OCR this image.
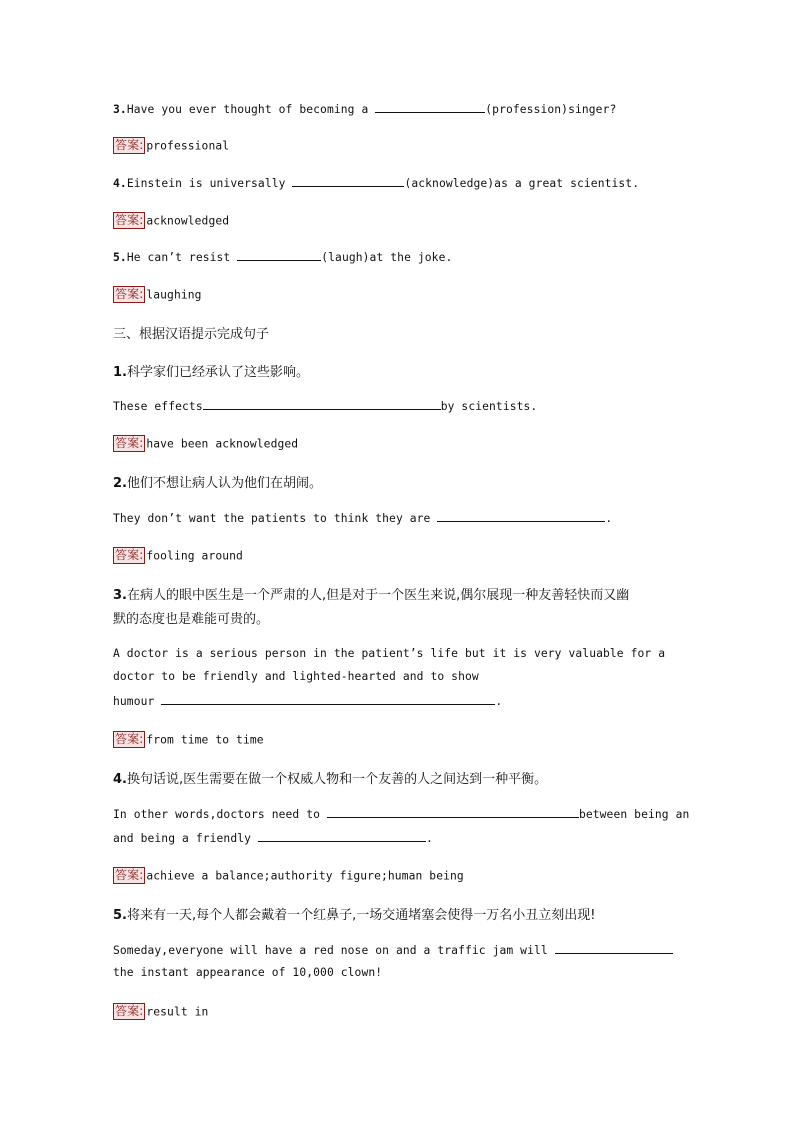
3.Have you ever thought of becoming a	(profession)singer?
答案: professional
4.Einstein is universally	(acknowledge)as a great scientist.
答案: acknowledged
5.He can’t resist	(laugh)at the joke.
答案: laughing
三、根据汉语提示完成句子
1.科学家们已经承认了这些影响。
These effects	by scientists.
答案: have been acknowledged
2.他们不想让病人认为他们在胡闹。
They don’t want the patients to think they are	.
答案: fooling around
3.在病人的眼中医生是一个严肃的人,但是对于一个医生来说,偶尔展现一种友善轻快而又幽
默的态度也是难能可贵的。
A doctor is a serious person in the patient’s life but it is very valuable for a
doctor to be friendly and lighted-hearted and to show
humour	.
答案: from time to time
4.换句话说,医生需要在做一个权威人物和一个友善的人之间达到一种平衡。
In other words,doctors need to	between being an
and being a friendly	.
答案: achieve a balance;authority figure;human being
5.将来有一天,每个人都会戴着一个红鼻子,一场交通堵塞会使得一万名小丑立刻出现!
Someday,everyone will have a red nose on and a traffic jam will
the instant appearance of 10,000 clown!
答案: result in
